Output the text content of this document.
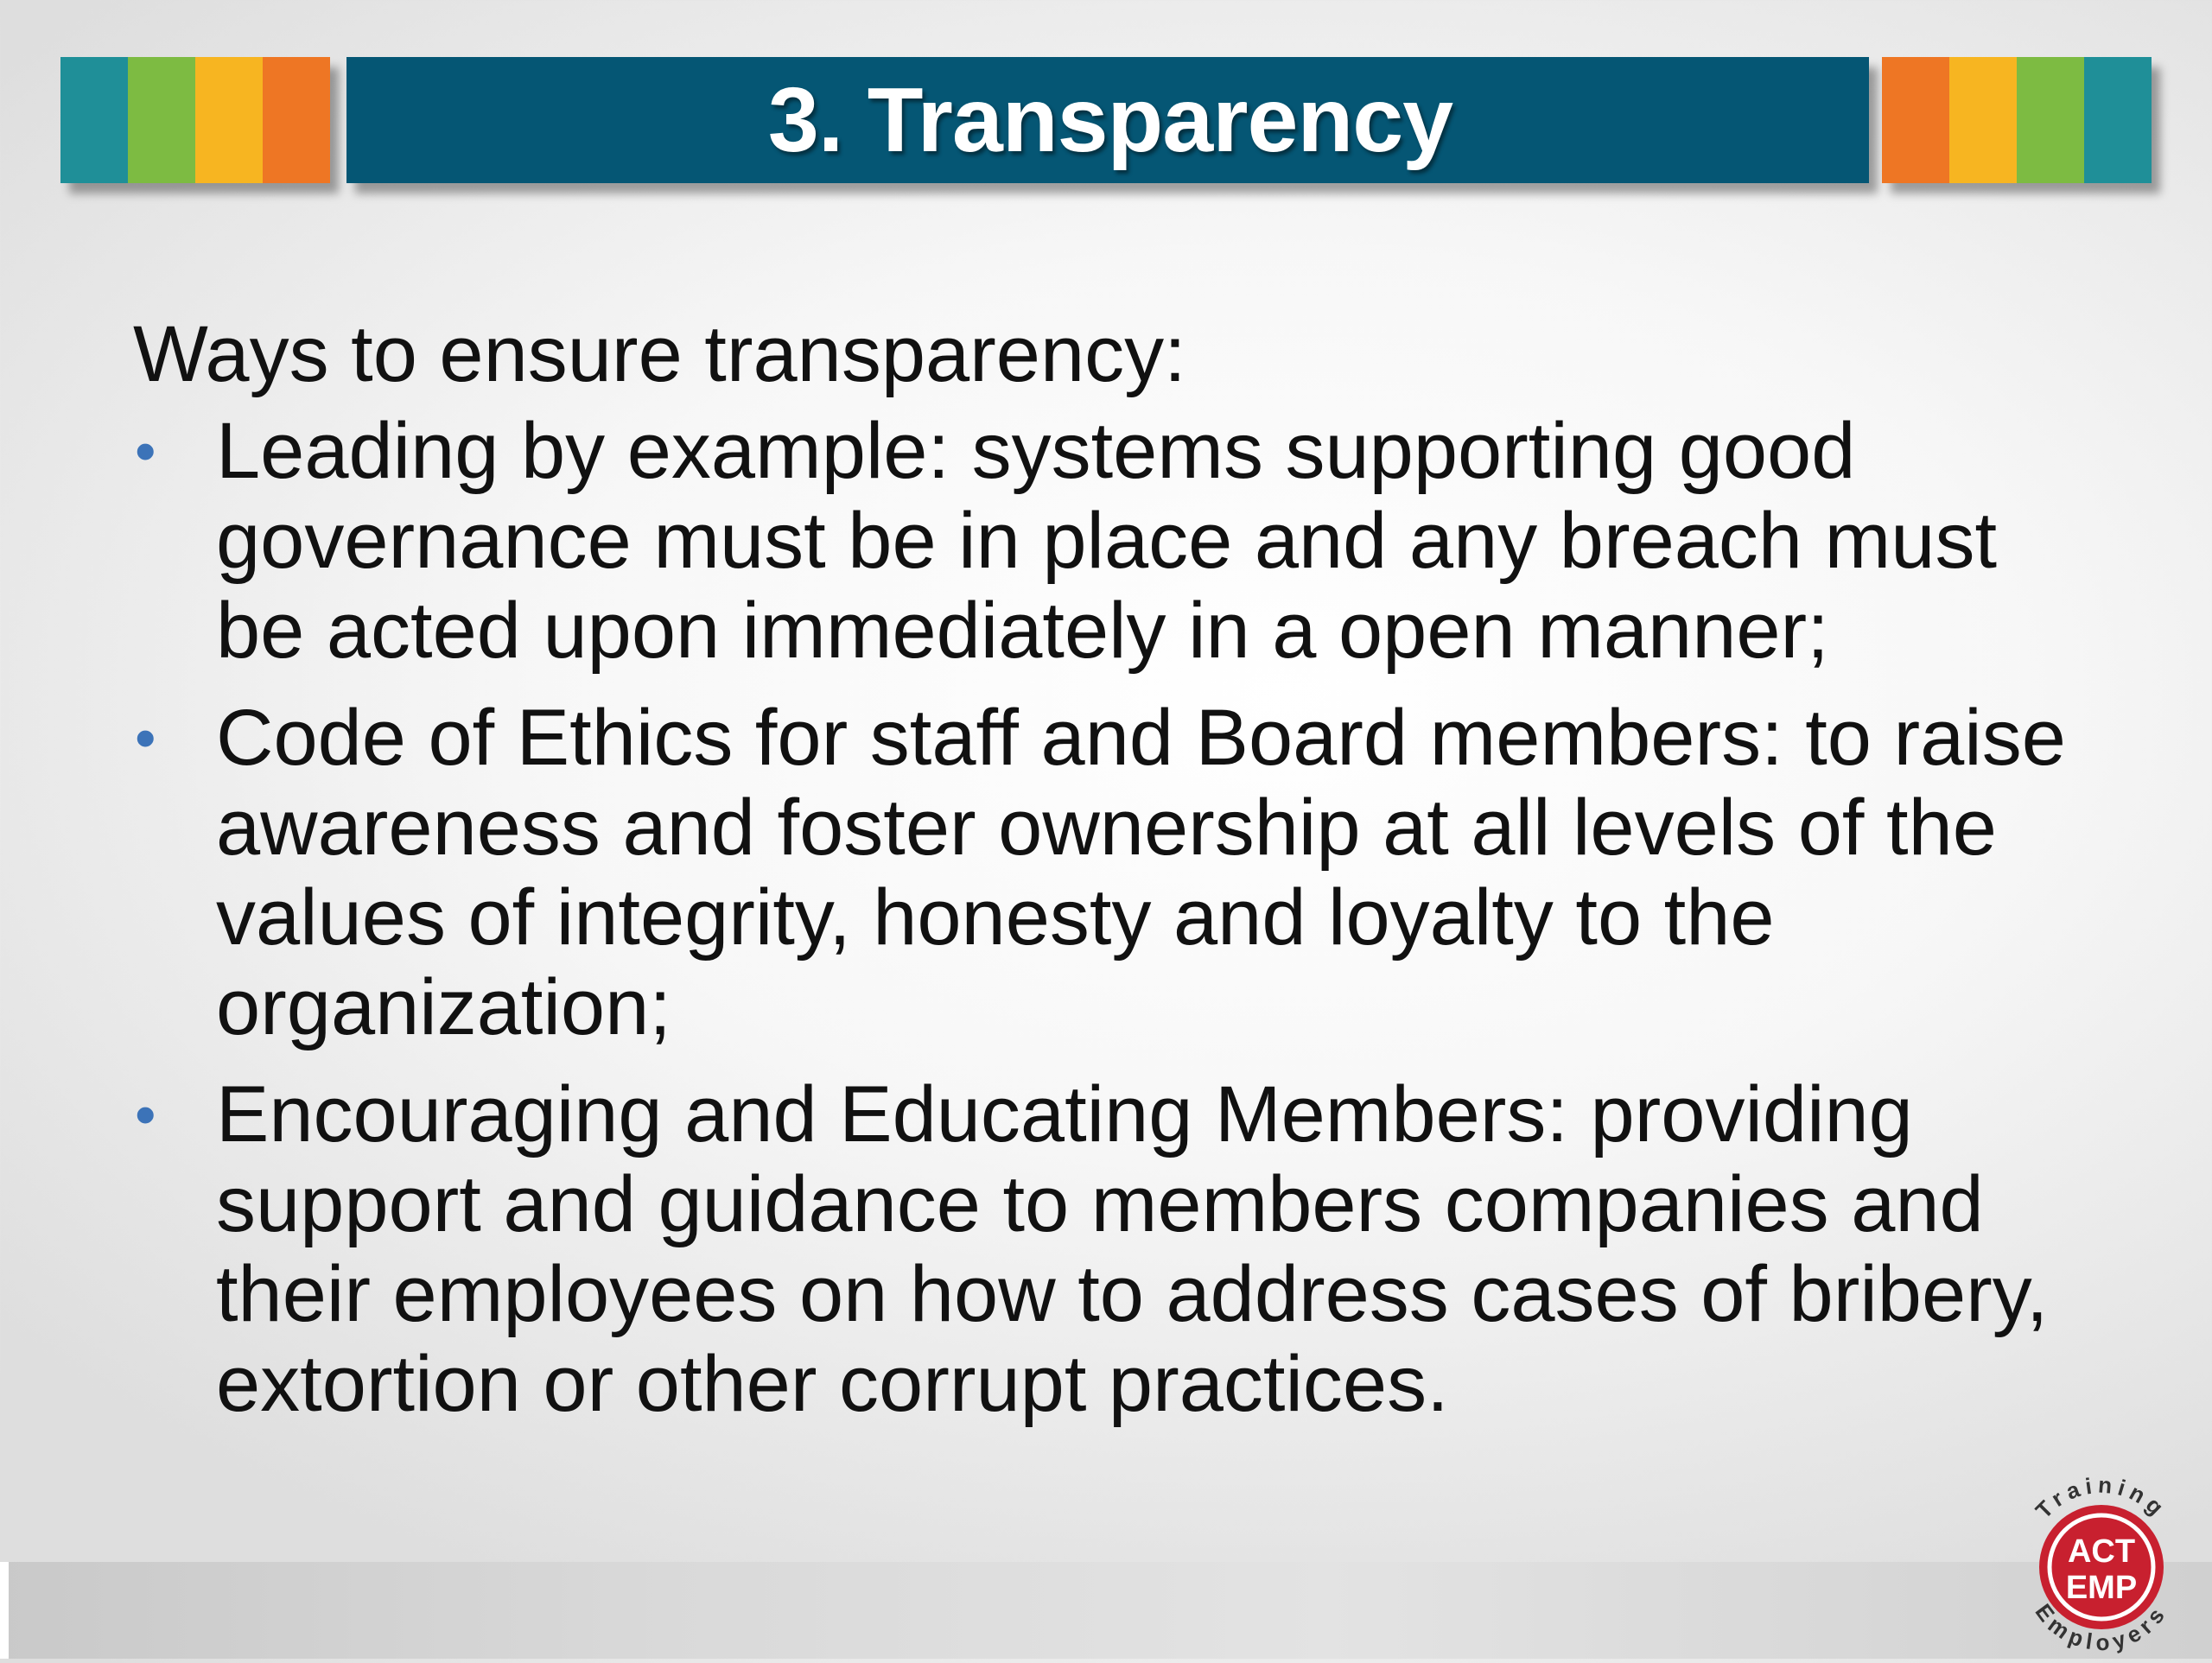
3. Transparency

Ways to ensure transparency:

• Leading by example: systems supporting good governance must be in place and any breach must be acted upon immediately in a open manner;
• Code of Ethics for staff and Board members: to raise awareness and foster ownership at all levels of the values of integrity, honesty and loyalty to the organization;
• Encouraging and Educating Members: providing support and guidance to members companies and their employees on how to address cases of bribery, extortion or other corrupt practices.
ACT
EMP
Training
Employers
